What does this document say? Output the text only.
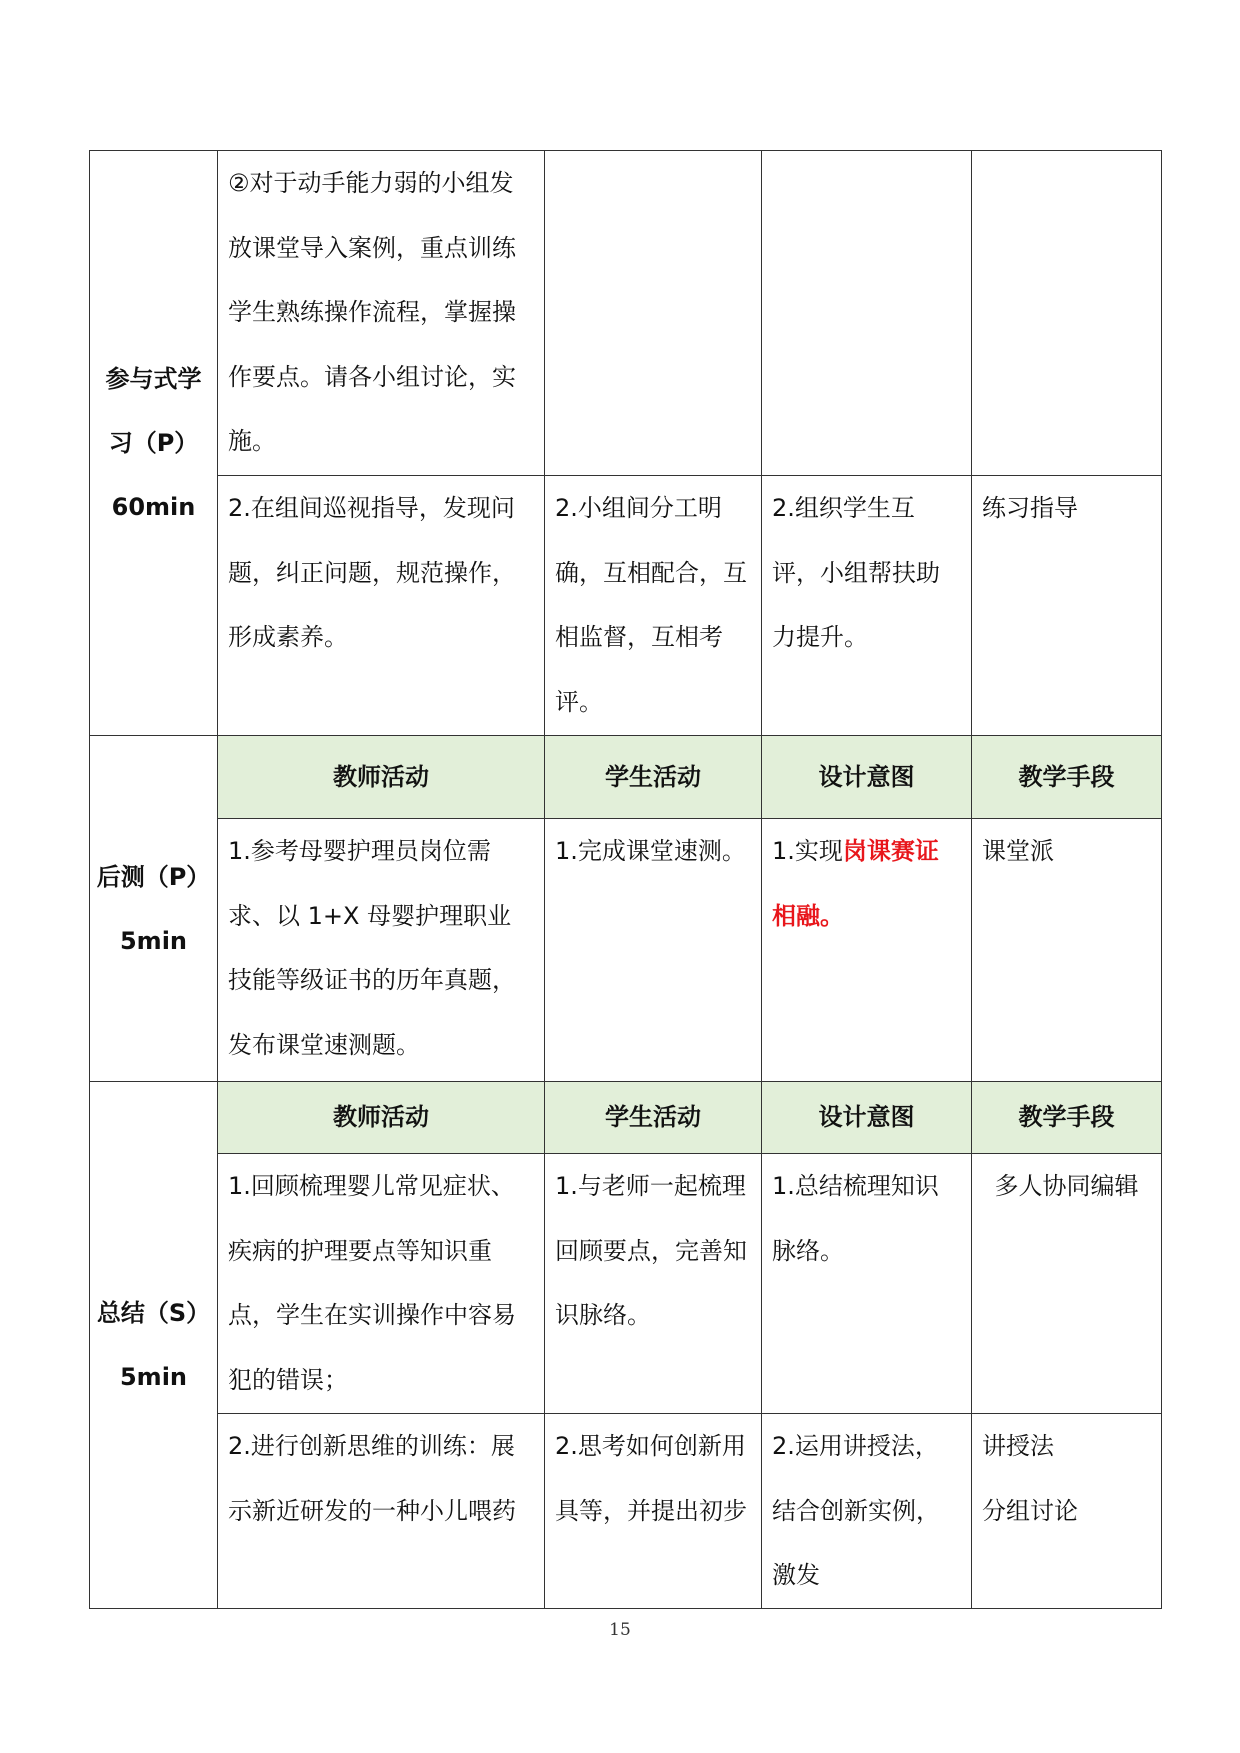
参与式学
习（P）
60min	②对于动手能力弱的小组发放课堂导入案例，重点训练学生熟练操作流程，掌握操作要点。请各小组讨论，实施。			
	2.在组间巡视指导，发现问题，纠正问题，规范操作，形成素养。	2.小组间分工明确，互相配合，互相监督，互相考评。	2.组织学生互评，小组帮扶助力提升。	练习指导

后测（P）
5min	教师活动	学生活动	设计意图	教学手段
	1.参考母婴护理员岗位需求、以 1+X 母婴护理职业技能等级证书的历年真题，发布课堂速测题。	1.完成课堂速测。	1.实现岗课赛证相融。	课堂派

总结（S）
5min	教师活动	学生活动	设计意图	教学手段
	1.回顾梳理婴儿常见症状、疾病的护理要点等知识重点，学生在实训操作中容易犯的错误；	1.与老师一起梳理回顾要点，完善知识脉络。	1.总结梳理知识脉络。	多人协同编辑
	2.进行创新思维的训练：展示新近研发的一种小儿喂药	2.思考如何创新用具等，并提出初步	2.运用讲授法，结合创新实例，激发	讲授法
分组讨论
15
